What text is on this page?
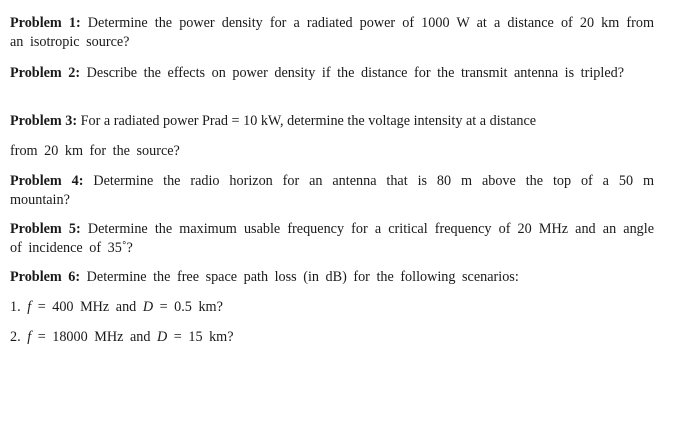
Problem 1: Determine the power density for a radiated power of 1000 W at a distance of 20 km from an isotropic source?
Problem 2: Describe the effects on power density if the distance for the transmit antenna is tripled?
Problem 3: For a radiated power Prad = 10 kW, determine the voltage intensity at a distance
from 20 km for the source?
Problem 4: Determine the radio horizon for an antenna that is 80 m above the top of a 50 m mountain?
Problem 5: Determine the maximum usable frequency for a critical frequency of 20 MHz and an angle of incidence of 35˚?
Problem 6: Determine the free space path loss (in dB) for the following scenarios:
1. f = 400 MHz and D = 0.5 km?
2. f = 18000 MHz and D = 15 km?
